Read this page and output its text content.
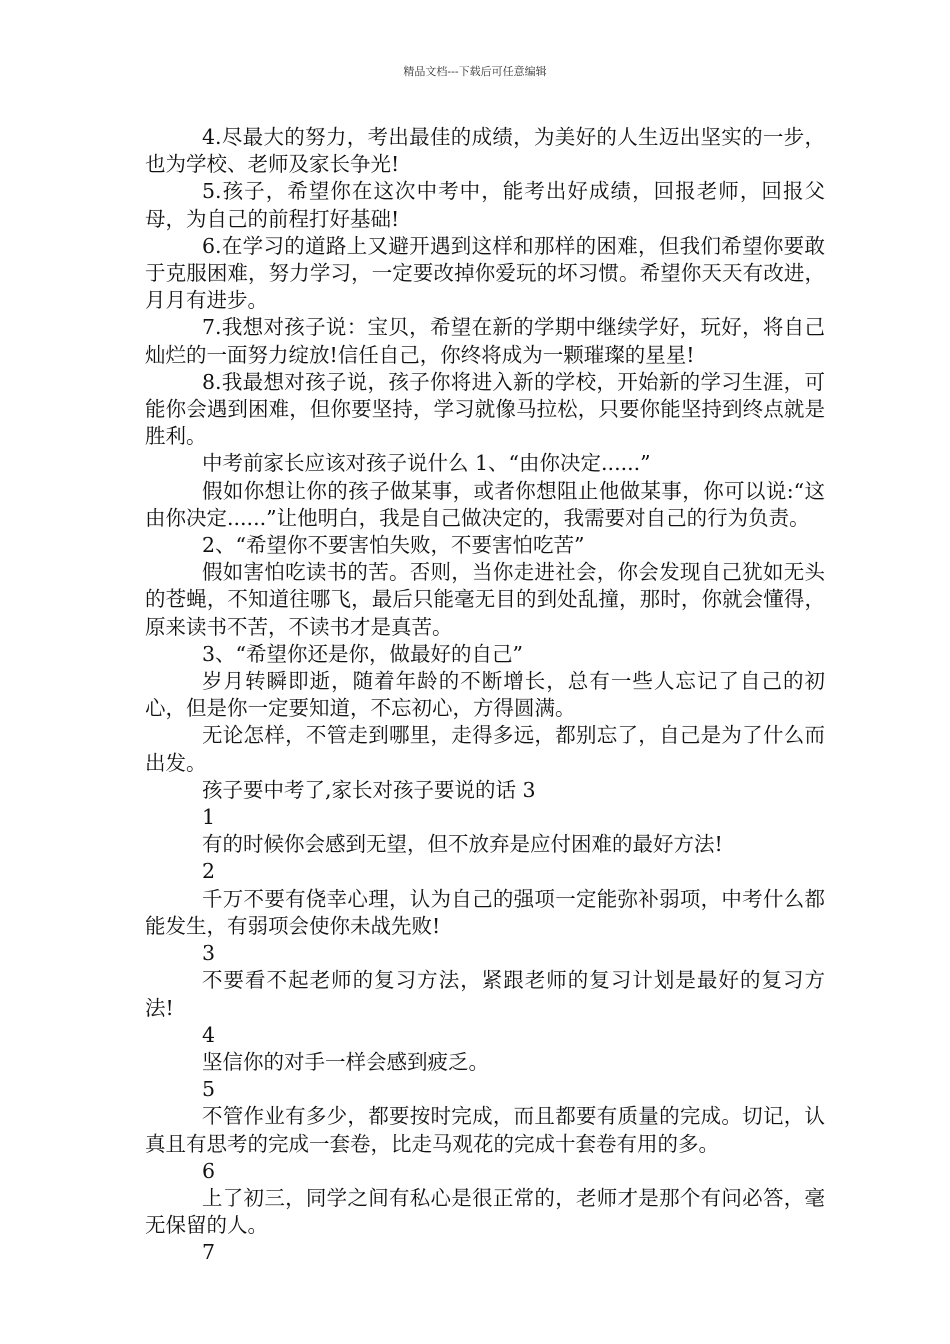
精品文档---下载后可任意编辑

4.尽最大的努力，考出最佳的成绩，为美好的人生迈出坚实的一步，也为学校、老师及家长争光!

5.孩子，希望你在这次中考中，能考出好成绩，回报老师，回报父母，为自己的前程打好基础!

6.在学习的道路上又避开遇到这样和那样的困难，但我们希望你要敢于克服困难，努力学习，一定要改掉你爱玩的坏习惯。希望你天天有改进，月月有进步。

7.我想对孩子说：宝贝，希望在新的学期中继续学好，玩好，将自己灿烂的一面努力绽放!信任自己，你终将成为一颗璀璨的星星!

8.我最想对孩子说，孩子你将进入新的学校，开始新的学习生涯，可能你会遇到困难，但你要坚持，学习就像马拉松，只要你能坚持到终点就是胜利。

中考前家长应该对孩子说什么 1、“由你决定......”

假如你想让你的孩子做某事，或者你想阻止他做某事，你可以说:“这由你决定......”让他明白，我是自己做决定的，我需要对自己的行为负责。

2、“希望你不要害怕失败，不要害怕吃苦”

假如害怕吃读书的苦。否则，当你走进社会，你会发现自己犹如无头的苍蝇，不知道往哪飞，最后只能毫无目的到处乱撞，那时，你就会懂得，原来读书不苦，不读书才是真苦。

3、“希望你还是你，做最好的自己”

岁月转瞬即逝，随着年龄的不断增长，总有一些人忘记了自己的初心，但是你一定要知道，不忘初心，方得圆满。

无论怎样，不管走到哪里，走得多远，都别忘了，自己是为了什么而出发。

孩子要中考了,家长对孩子要说的话 3

1

有的时候你会感到无望，但不放弃是应付困难的最好方法!

2

千万不要有侥幸心理，认为自己的强项一定能弥补弱项，中考什么都能发生，有弱项会使你未战先败!

3

不要看不起老师的复习方法，紧跟老师的复习计划是最好的复习方法!

4

坚信你的对手一样会感到疲乏。

5

不管作业有多少，都要按时完成，而且都要有质量的完成。切记，认真且有思考的完成一套卷，比走马观花的完成十套卷有用的多。

6

上了初三，同学之间有私心是很正常的，老师才是那个有问必答，毫无保留的人。

7
